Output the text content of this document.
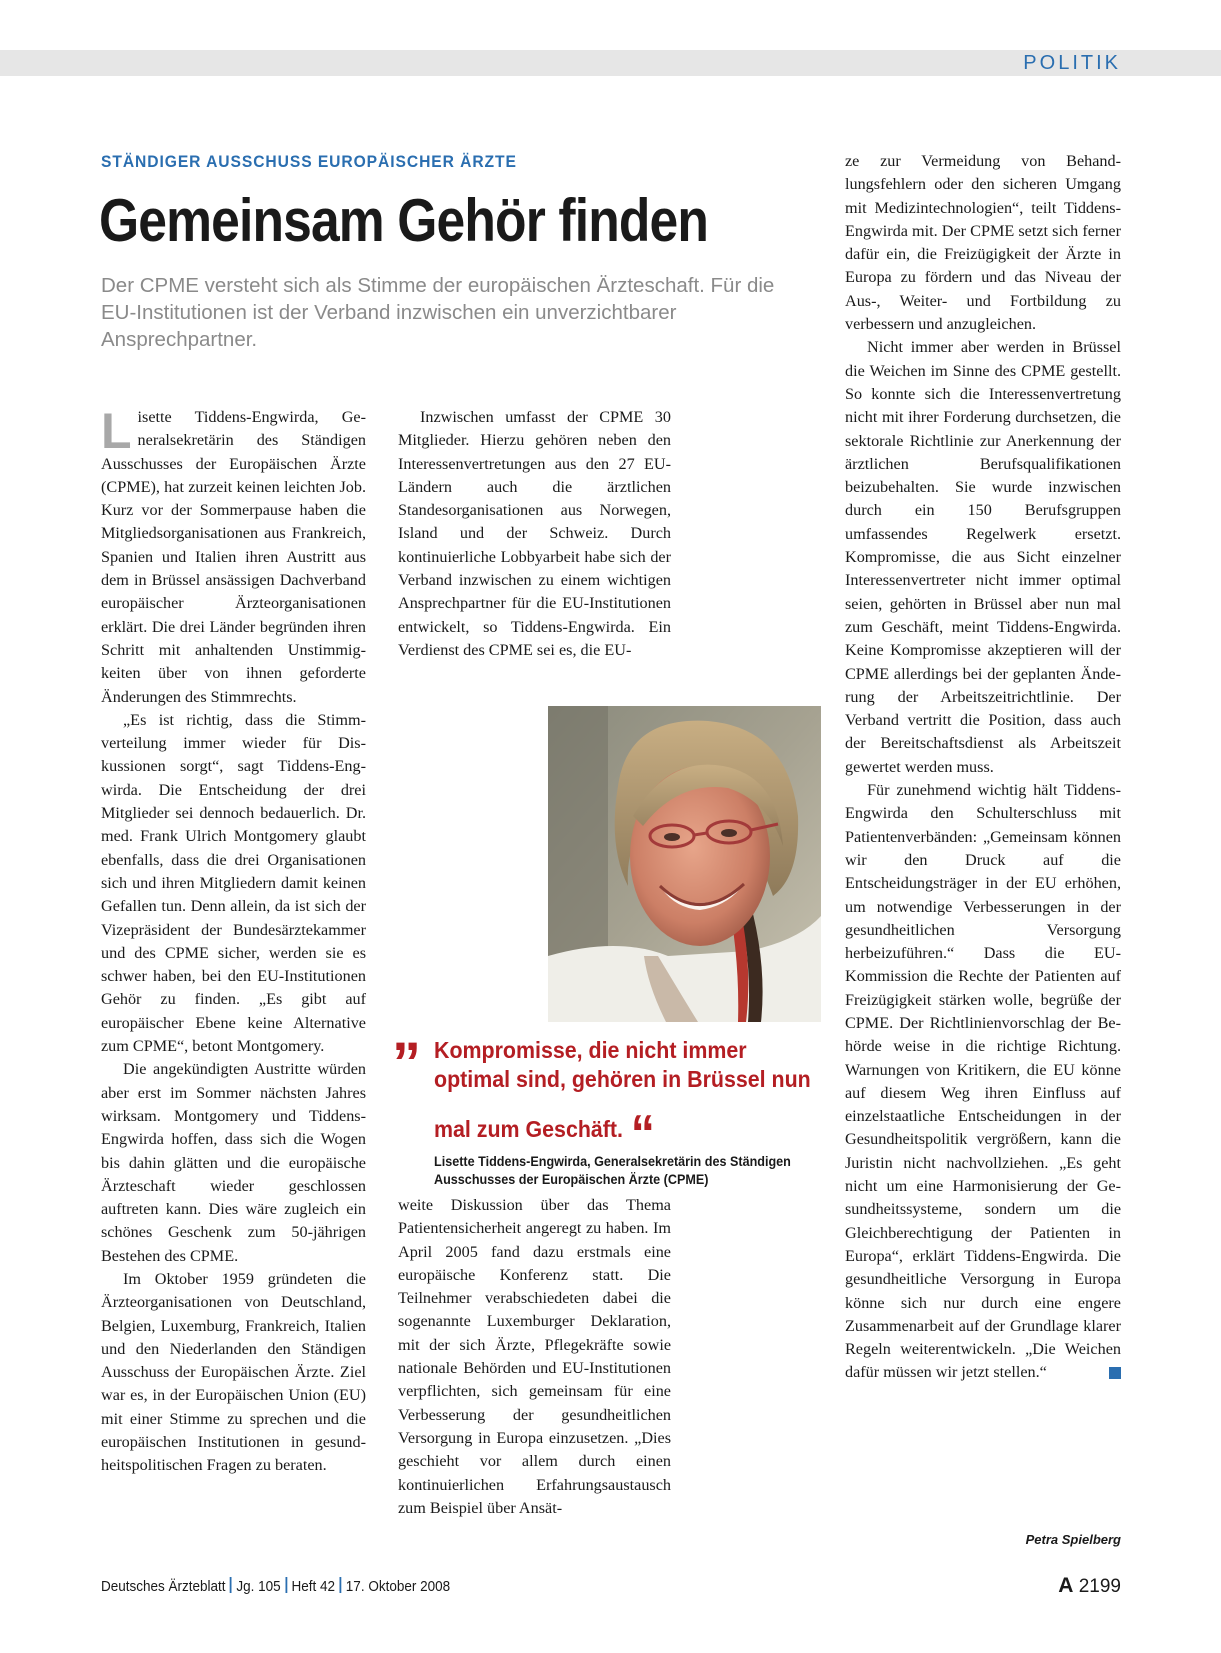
POLITIK
STÄNDIGER AUSSCHUSS EUROPÄISCHER ÄRZTE
Gemeinsam Gehör finden
Der CPME versteht sich als Stimme der europäischen Ärzteschaft. Für die EU-Institutionen ist der Verband inzwischen ein unverzichtbarer Ansprechpartner.

Lisette Tiddens-Engwirda, Generalsekretärin des Ständigen Ausschusses der Europäischen Ärzte (CPME), hat zurzeit keinen leichten Job. Kurz vor der Sommerpause haben die Mitgliedsorganisationen aus Frankreich, Spanien und Italien ihren Austritt aus dem in Brüssel ansässigen Dachverband europäischer Ärzteorganisationen erklärt. Die drei Länder begründen ihren Schritt mit anhaltenden Unstimmigkeiten über von ihnen geforderte Änderungen des Stimmrechts.

„Es ist richtig, dass die Stimmverteilung immer wieder für Diskussionen sorgt“, sagt Tiddens-Engwirda. Die Entscheidung der drei Mitglieder sei dennoch bedauerlich. Dr. med. Frank Ulrich Montgomery glaubt ebenfalls, dass die drei Organisationen sich und ihren Mitgliedern damit keinen Gefallen tun. Denn allein, da ist sich der Vizepräsident der Bundesärztekammer und des CPME sicher, werden sie es schwer haben, bei den EU-Institutionen Gehör zu finden. „Es gibt auf europäischer Ebene keine Alternative zum CPME“, betont Montgomery.

Die angekündigten Austritte würden aber erst im Sommer nächsten Jahres wirksam. Montgomery und Tiddens-Engwirda hoffen, dass sich die Wogen bis dahin glätten und die europäische Ärzteschaft wieder geschlossen auftreten kann. Dies wäre zugleich ein schönes Geschenk zum 50-jährigen Bestehen des CPME.

Im Oktober 1959 gründeten die Ärzteorganisationen von Deutschland, Belgien, Luxemburg, Frankreich, Italien und den Niederlanden den Ständigen Ausschuss der Europäischen Ärzte. Ziel war es, in der Europäischen Union (EU) mit einer Stimme zu sprechen und die europäischen Institutionen in gesundheitspolitischen Fragen zu beraten.

Inzwischen umfasst der CPME 30 Mitglieder. Hierzu gehören neben den Interessenvertretungen aus den 27 EU-Ländern auch die ärztlichen Standesorganisationen aus Norwegen, Island und der Schweiz. Durch kontinuierliche Lobbyarbeit habe sich der Verband inzwischen zu einem wichtigen Ansprechpartner für die EU-Institutionen entwickelt, so Tiddens-Engwirda. Ein Verdienst des CPME sei es, die EU-

„ Kompromisse, die nicht immer optimal sind, gehören in Brüssel nun mal zum Geschäft. “
Lisette Tiddens-Engwirda, Generalsekretärin des Ständigen Ausschusses der Europäischen Ärzte (CPME)

weite Diskussion über das Thema Patientensicherheit angeregt zu haben. Im April 2005 fand dazu erstmals eine europäische Konferenz statt. Die Teilnehmer verabschiedeten dabei die sogenannte Luxemburger Deklaration, mit der sich Ärzte, Pflegekräfte sowie nationale Behörden und EU-Institutionen verpflichten, sich gemeinsam für eine Verbesserung der gesundheitlichen Versorgung in Europa einzusetzen. „Dies geschieht vor allem durch einen kontinuierlichen Erfahrungsaustausch zum Beispiel über Ansät-

ze zur Vermeidung von Behandlungsfehlern oder den sicheren Umgang mit Medizintechnologien“, teilt Tiddens-Engwirda mit. Der CPME setzt sich ferner dafür ein, die Freizügigkeit der Ärzte in Europa zu fördern und das Niveau der Aus-, Weiter- und Fortbildung zu verbessern und anzugleichen.

Nicht immer aber werden in Brüssel die Weichen im Sinne des CPME gestellt. So konnte sich die Interessenvertretung nicht mit ihrer Forderung durchsetzen, die sektorale Richtlinie zur Anerkennung der ärztlichen Berufsqualifikationen beizubehalten. Sie wurde inzwischen durch ein 150 Berufsgruppen umfassendes Regelwerk ersetzt. Kompromisse, die aus Sicht einzelner Interessenvertreter nicht immer optimal seien, gehörten in Brüssel aber nun mal zum Geschäft, meint Tiddens-Engwirda. Keine Kompromisse akzeptieren will der CPME allerdings bei der geplanten Änderung der Arbeitszeitrichtlinie. Der Verband vertritt die Position, dass auch der Bereitschaftsdienst als Arbeitszeit gewertet werden muss.

Für zunehmend wichtig hält Tiddens-Engwirda den Schulterschluss mit Patientenverbänden: „Gemeinsam können wir den Druck auf die Entscheidungsträger in der EU erhöhen, um notwendige Verbesserungen in der gesundheitlichen Versorgung herbeizuführen.“ Dass die EU-Kommission die Rechte der Patienten auf Freizügigkeit stärken wolle, begrüße der CPME. Der Richtlinienvorschlag der Behörde weise in die richtige Richtung. Warnungen von Kritikern, die EU könne auf diesem Weg ihren Einfluss auf einzelstaatliche Entscheidungen in der Gesundheitspolitik vergrößern, kann die Juristin nicht nachvollziehen. „Es geht nicht um eine Harmonisierung der Gesundheitssysteme, sondern um die Gleichberechtigung der Patienten in Europa“, erklärt Tiddens-Engwirda. Die gesundheitliche Versorgung in Europa könne sich nur durch eine engere Zusammenarbeit auf der Grundlage klarer Regeln weiterentwickeln. „Die Weichen dafür müssen wir jetzt stellen.“

Petra Spielberg
Deutsches Ärzteblatt Jg. 105 Heft 42 17. Oktober 2008	A 2199
